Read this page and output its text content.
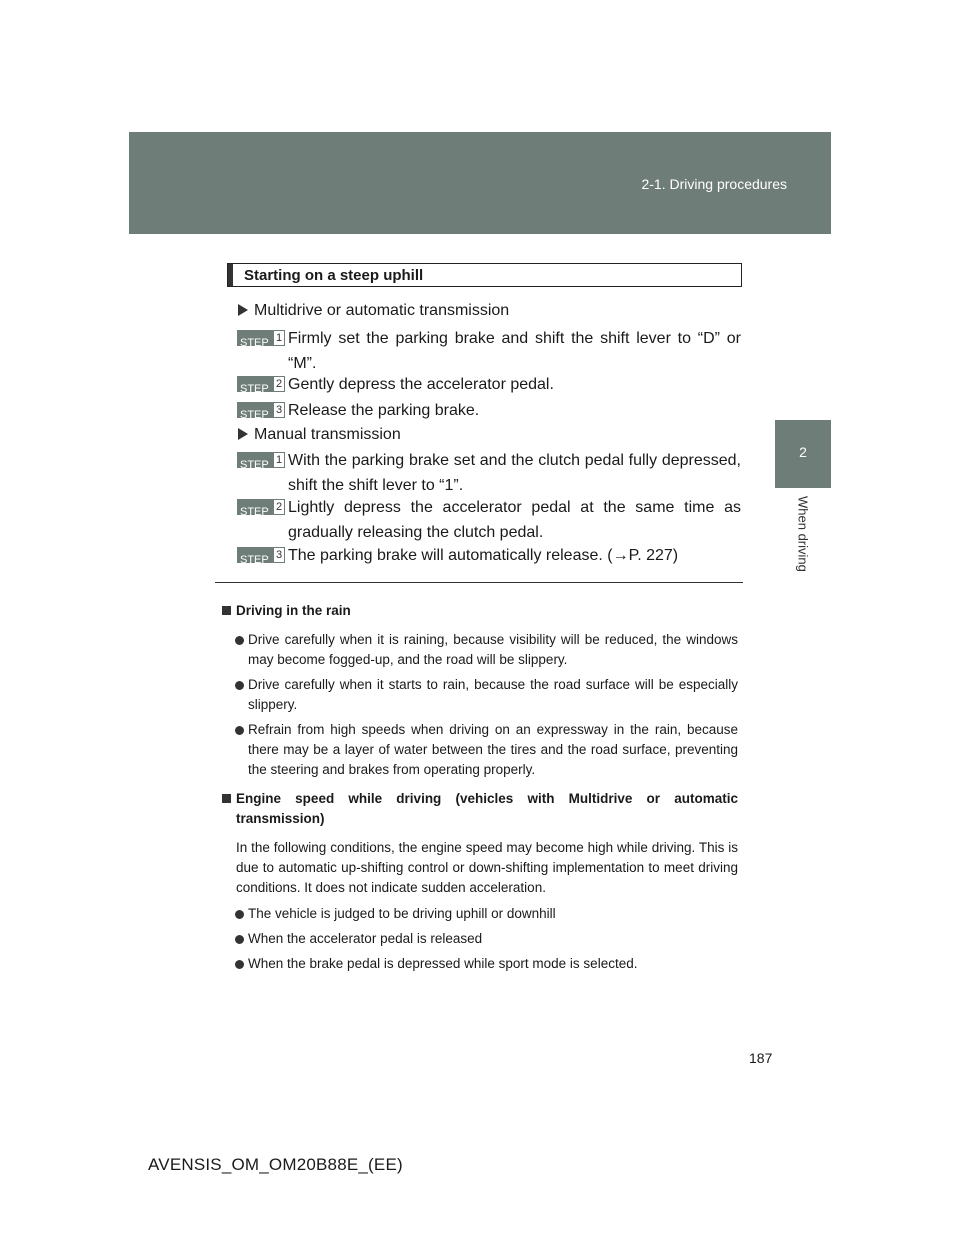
2-1. Driving procedures
2
When driving
Starting on a steep uphill
Multidrive or automatic transmission
STEP 1 Firmly set the parking brake and shift the shift lever to “D” or “M”.
STEP 2 Gently depress the accelerator pedal.
STEP 3 Release the parking brake.
Manual transmission
STEP 1 With the parking brake set and the clutch pedal fully depressed, shift the shift lever to “1”.
STEP 2 Lightly depress the accelerator pedal at the same time as gradually releasing the clutch pedal.
STEP 3 The parking brake will automatically release. (→P. 227)
Driving in the rain
Drive carefully when it is raining, because visibility will be reduced, the windows may become fogged-up, and the road will be slippery.
Drive carefully when it starts to rain, because the road surface will be especially slippery.
Refrain from high speeds when driving on an expressway in the rain, because there may be a layer of water between the tires and the road surface, preventing the steering and brakes from operating properly.
Engine speed while driving (vehicles with Multidrive or automatic transmission)
In the following conditions, the engine speed may become high while driving. This is due to automatic up-shifting control or down-shifting implementation to meet driving conditions. It does not indicate sudden acceleration.
The vehicle is judged to be driving uphill or downhill
When the accelerator pedal is released
When the brake pedal is depressed while sport mode is selected.
187
AVENSIS_OM_OM20B88E_(EE)
